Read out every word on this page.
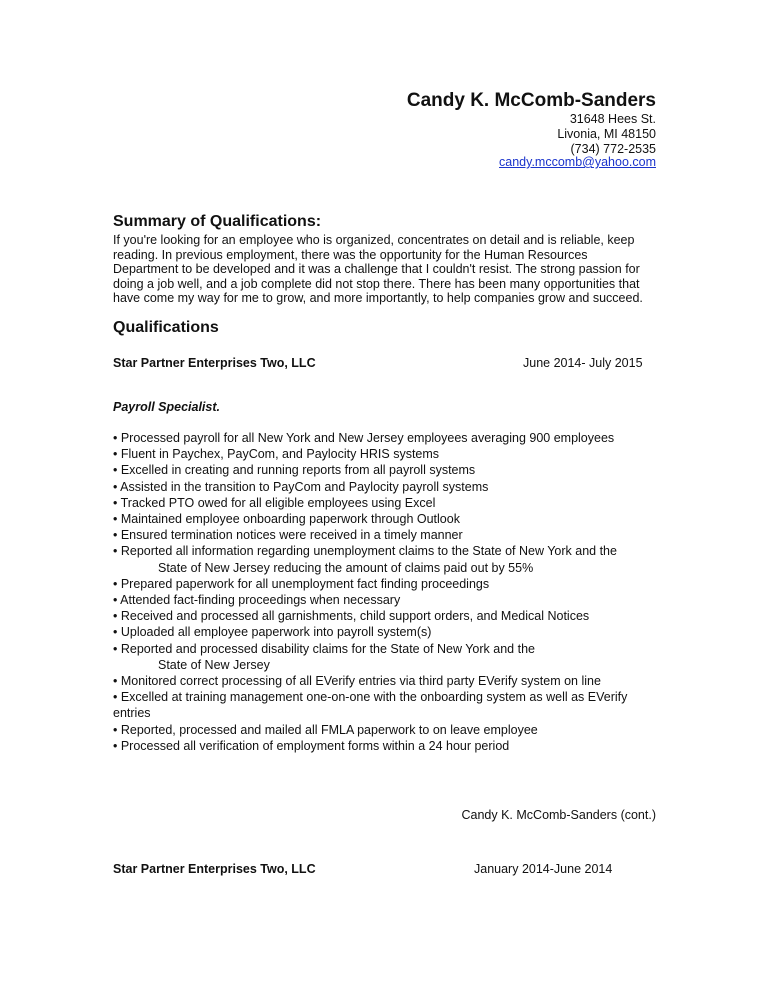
Candy K. McComb-Sanders
31648 Hees St.
Livonia, MI 48150
(734) 772-2535
candy.mccomb@yahoo.com
Summary of Qualifications:

If you're looking for an employee who is organized, concentrates on detail and is reliable, keep

reading. In previous employment, there was the opportunity for the Human Resources

Department to be developed and it was a challenge that I couldn't resist. The strong passion for

doing a job well, and a job complete did not stop there. There has been many opportunities that

have come my way for me to grow, and more importantly, to help companies grow and succeed.

Qualifications
Star Partner Enterprises Two, LLC	June 2014- July 2015
Payroll Specialist.
• Processed payroll for all New York and New Jersey employees averaging 900 employees
• Fluent in Paychex, PayCom, and Paylocity HRIS systems
• Excelled in creating and running reports from all payroll systems
• Assisted in the transition to PayCom and Paylocity payroll systems
• Tracked PTO owed for all eligible employees using Excel
• Maintained employee onboarding paperwork through Outlook
• Ensured termination notices were received in a timely manner
• Reported all information regarding unemployment claims to the State of New York and the
State of New Jersey reducing the amount of claims paid out by 55%
• Prepared paperwork for all unemployment fact finding proceedings
• Attended fact-finding proceedings when necessary
• Received and processed all garnishments, child support orders, and Medical Notices
• Uploaded all employee paperwork into payroll system(s)
• Reported and processed disability claims for the State of New York and the
State of New Jersey
• Monitored correct processing of all EVerify entries via third party EVerify system on line
• Excelled at training management one-on-one with the onboarding system as well as EVerify
entries
• Reported, processed and mailed all FMLA paperwork to on leave employee
• Processed all verification of employment forms within a 24 hour period
Candy K. McComb-Sanders (cont.)
Star Partner Enterprises Two, LLC	January 2014-June 2014
